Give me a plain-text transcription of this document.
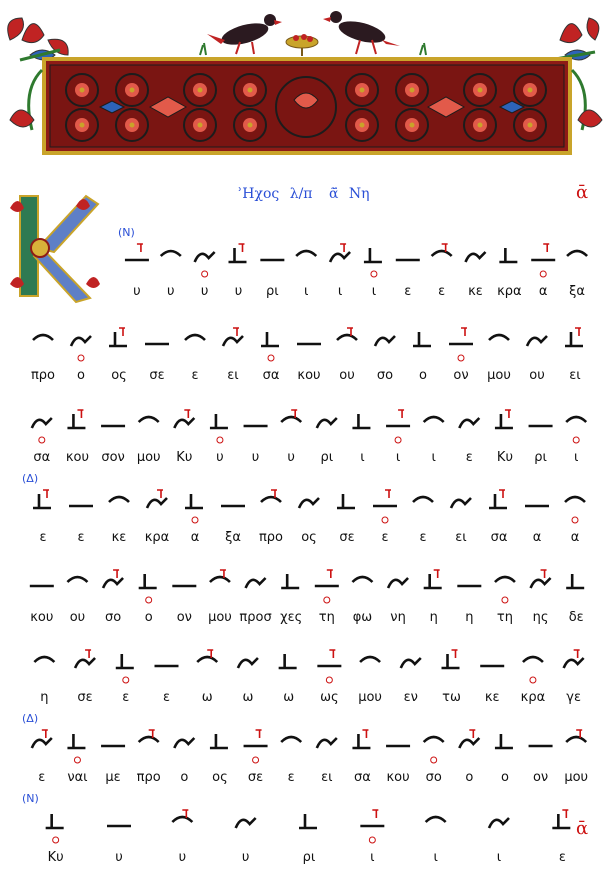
ʾΗχος λ/π ᾶ̈ Νη	ᾱ
ᾱ
(Ν)
υ υ υ υ ρι ι ι ι ε ε κε κρα α ξα
προ ο ος σε ε ει σα κου ου σο ο ον μου ου ει
σα κου σον μου Κυ υ υ υ ρι ι ι ι ε Κυ ρι ι
(Δ)
ε ε κε κρα α ξα προ ος σε ε ε ει σα α α
κου ου σο ο ον μου προσ χες τη φω νη η η τη ης δε
η σε ε	ε ω ω ω ως μου εν τω κε κρα γε
(Δ)
ε ναι με προ ο ος σε ε ει σα κου σο ο ο ον μου
(Ν)
Κυ	υ	υ	υ	ρι	ι	ι	ι	ε
